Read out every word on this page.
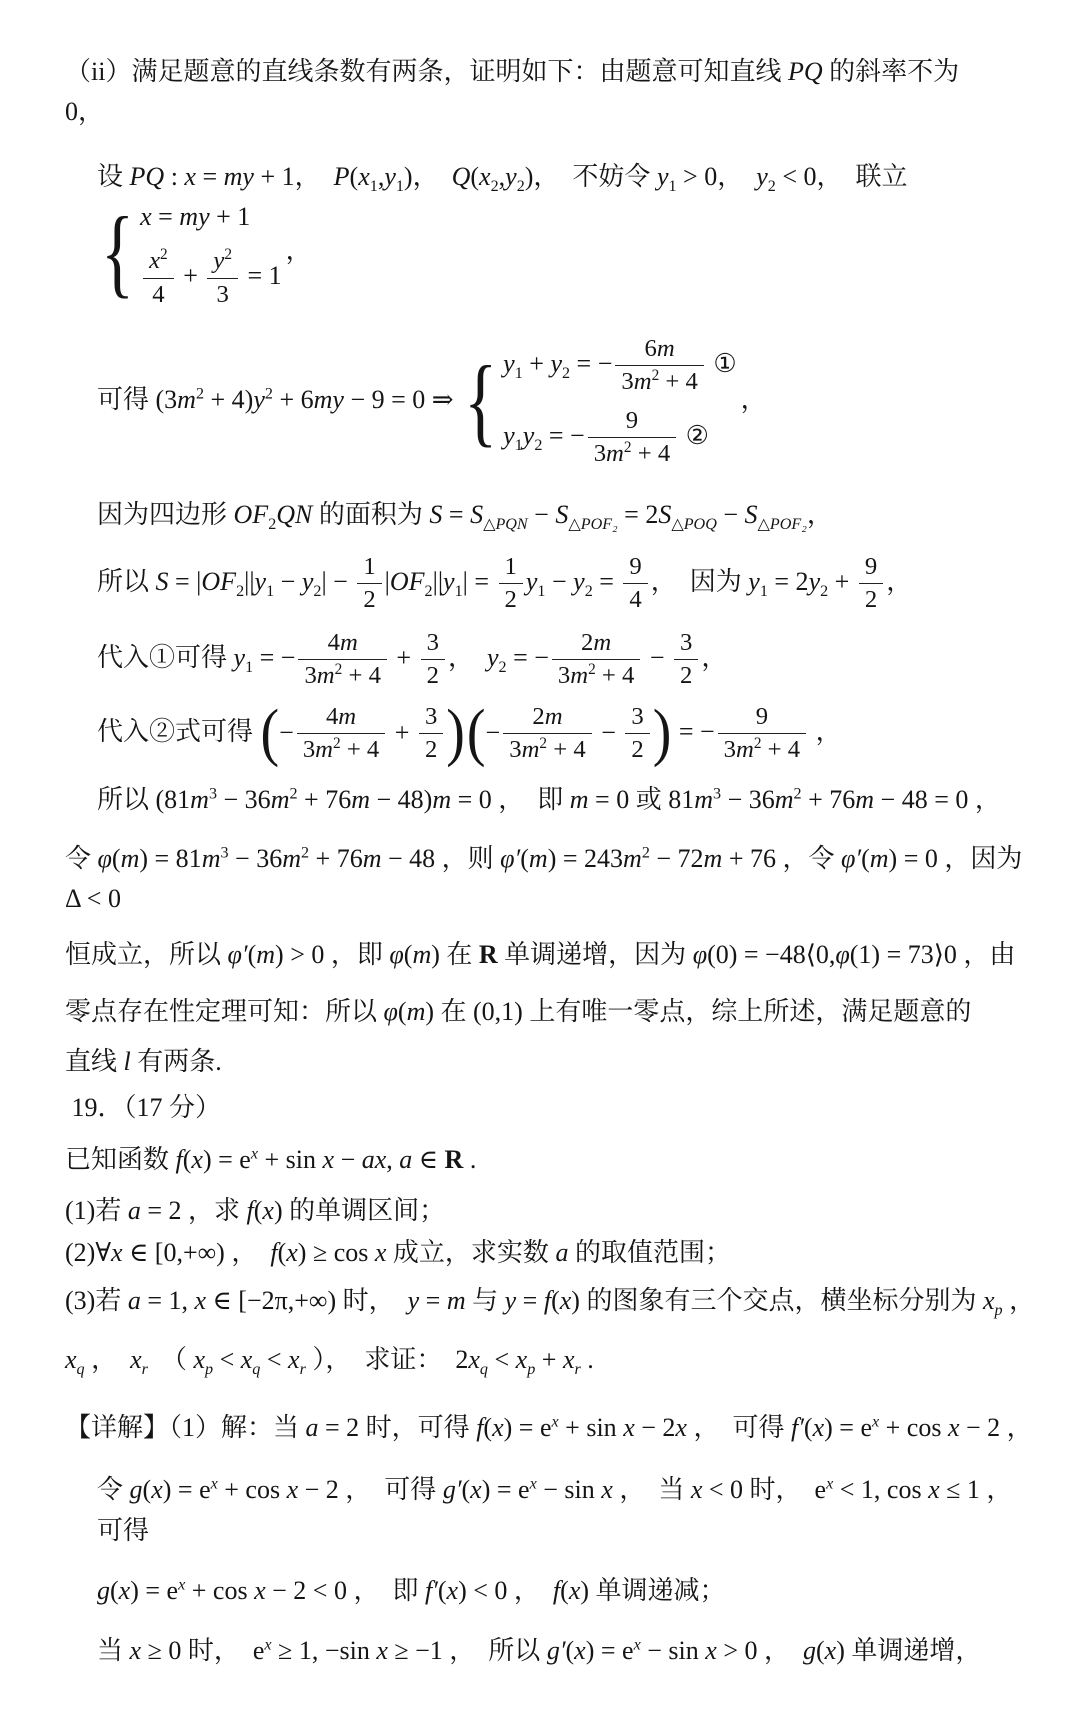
（ii）满足题意的直线条数有两条，证明如下：由题意可知直线 PQ 的斜率不为
0，
设 PQ : x = my + 1，  $P(x_1,y_1)$，  $Q(x_2,y_2)$，  不妨令 $y_1 > 0$，  $y_2 < 0$，  联立
{ x = my + 1
$\frac{x^2}{4} + \frac{y^2}{3} = 1$
，
可得 $(3m^2 + 4)y^2 + 6my - 9 = 0$ ⇒ { $y_1 + y_2$ = − $\frac{6m}{3m^2 + 4}$ ①
$y_1y_2$ = − $\frac{9}{3m^2 + 4}$ ②
，
因为四边形 $OF_2QN$ 的面积为 $S = S_{\triangle PQN} - S_{\triangle POF_2} = 2S_{\triangle POQ} - S_{\triangle POF_2}$，
所以 $S = |OF_2||y_1 - y_2| - \frac{1}{2} |OF_2||y_1| = \frac{1}{2} y_1 - y_2 = \frac{9}{4}$ ，  因为 $y_1 = 2y_2 + \frac{9}{2}$ ，
代入①可得 $y_1$ = − $\frac{4m}{3m^2 + 4} + \frac{3}{2}$ ，  $y_2$ = − $\frac{2m}{3m^2 + 4} - \frac{3}{2}$ ，
代入②式可得 ( − $\frac{4m}{3m^2 + 4} + \frac{3}{2}$ ) ( − $\frac{2m}{3m^2 + 4} - \frac{3}{2}$ ) = − $\frac{9}{3m^2 + 4}$ ，
所以 $(81m^3 - 36m^2 + 76m - 48)m = 0$ ，  即 m = 0 或 $81m^3 - 36m^2 + 76m - 48 = 0$ ，
令 $\varphi(m) = 81m^3 - 36m^2 + 76m - 48$ ，则 $\varphi'(m) = 243m^2 - 72m + 76$ ，令 φ′(m) = 0 ，因为 Δ < 0
恒成立，所以 φ′(m) > 0 ，即 φ(m) 在 R 单调递增，因为 φ(0) = −48⟨0,φ(1) = 73⟩0 ，由
零点存在性定理可知：所以 φ(m) 在 (0,1) 上有唯一零点，综上所述，满足题意的
直线 l 有两条.
19．（17 分）
已知函数 $f(x) = e^x + \sin x$ − ax, a ∈ R .
(1)若 a = 2 ，求 f(x) 的单调区间；
(2)∀x ∈ [0,+∞) ，  f(x) ≥ cos x 成立，求实数 a 的取值范围；
(3)若 a = 1, x ∈ [−2π,+∞) 时，  y = m 与 y = f(x) 的图象有三个交点，横坐标分别为 $x_p$ ，
$x_q$ ，  $x_r$  （ $x_p < x_q < x_r$ ），  求证：  $2x_q < x_p + x_r$ .
【详解】（1）解：当 a = 2 时，可得 $f(x) = e^x + \sin x - 2x$ ，  可得 $f'(x) = e^x + \cos x - 2$ ，
令 $g(x) = e^x + \cos x - 2$ ，  可得 $g'(x) = e^x - \sin x$ ，  当 x < 0 时，  $e^x < 1$, cos x ≤ 1 ，  可得
$g(x) = e^x + \cos x - 2 < 0$ ，  即 f′(x) < 0 ，  f(x) 单调递减；
当 x ≥ 0 时，  $e^x \ge 1$, −sin x ≥ −1 ，  所以 $g'(x) = e^x - \sin x > 0$ ，  g(x) 单调递增，
